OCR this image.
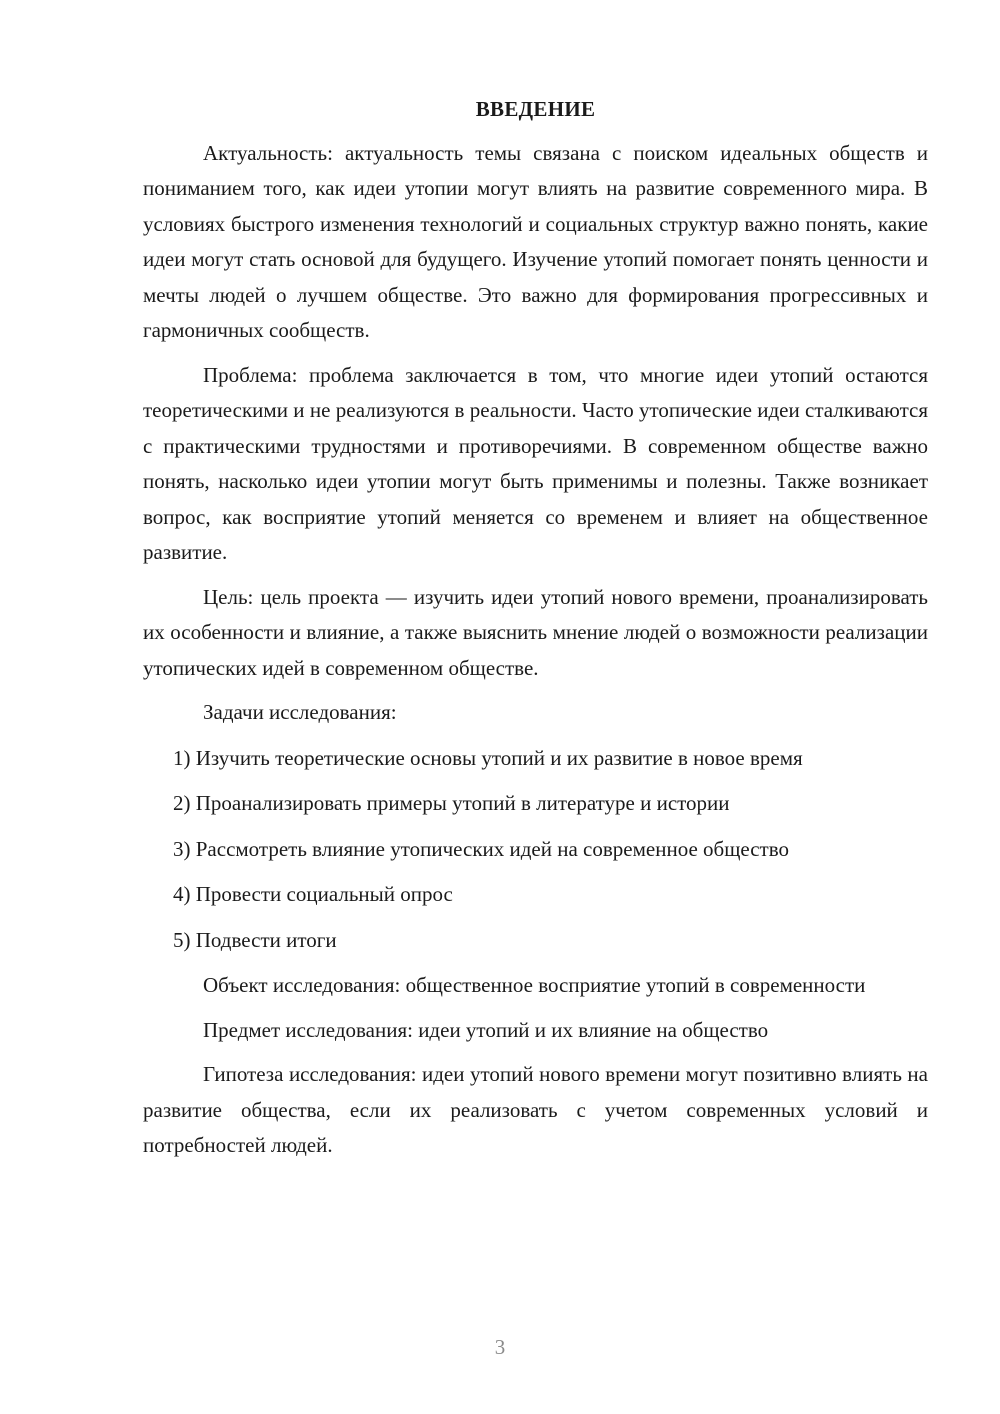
ВВЕДЕНИЕ

Актуальность: актуальность темы связана с поиском идеальных обществ и пониманием того, как идеи утопии могут влиять на развитие современного мира. В условиях быстрого изменения технологий и социальных структур важно понять, какие идеи могут стать основой для будущего. Изучение утопий помогает понять ценности и мечты людей о лучшем обществе. Это важно для формирования прогрессивных и гармоничных сообществ.

Проблема: проблема заключается в том, что многие идеи утопий остаются теоретическими и не реализуются в реальности. Часто утопические идеи сталкиваются с практическими трудностями и противоречиями. В современном обществе важно понять, насколько идеи утопии могут быть применимы и полезны. Также возникает вопрос, как восприятие утопий меняется со временем и влияет на общественное развитие.

Цель: цель проекта — изучить идеи утопий нового времени, проанализировать их особенности и влияние, а также выяснить мнение людей о возможности реализации утопических идей в современном обществе.

Задачи исследования:

1) Изучить теоретические основы утопий и их развитие в новое время
2) Проанализировать примеры утопий в литературе и истории
3) Рассмотреть влияние утопических идей на современное общество
4) Провести социальный опрос
5) Подвести итоги

Объект исследования: общественное восприятие утопий в современности

Предмет исследования: идеи утопий и их влияние на общество

Гипотеза исследования: идеи утопий нового времени могут позитивно влиять на развитие общества, если их реализовать с учетом современных условий и потребностей людей.

3
